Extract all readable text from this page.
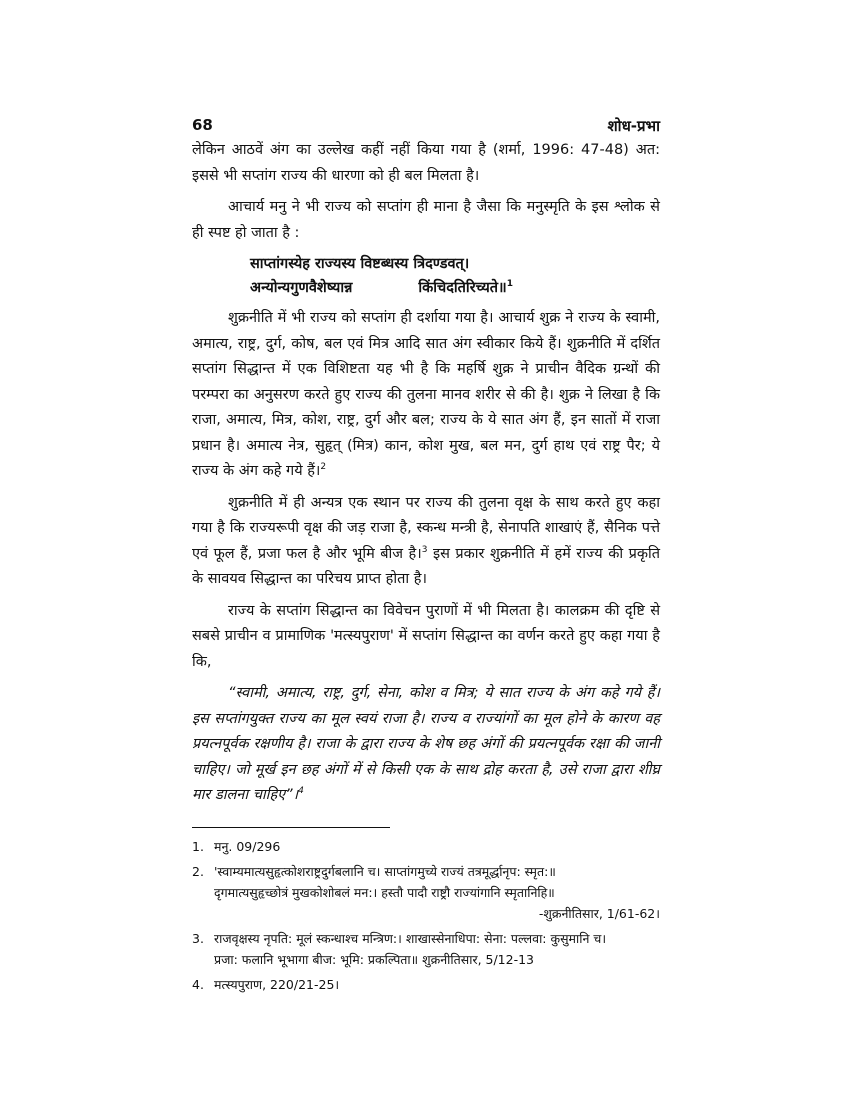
68	शोध-प्रभा

लेकिन आठवें अंग का उल्लेख कहीं नहीं किया गया है (शर्मा, 1996: 47-48) अत: इससे भी सप्तांग राज्य की धारणा को ही बल मिलता है।

आचार्य मनु ने भी राज्य को सप्तांग ही माना है जैसा कि मनुस्मृति के इस श्लोक से ही स्पष्ट हो जाता है :

साप्तांगस्येह राज्यस्य विष्टब्धस्य त्रिदण्डवत्।
अन्योन्यगुणवैशेष्यान्न	किंचिदतिरिच्यते॥$^1$

शुक्रनीति में भी राज्य को सप्तांग ही दर्शाया गया है। आचार्य शुक्र ने राज्य के स्वामी, अमात्य, राष्ट्र, दुर्ग, कोष, बल एवं मित्र आदि सात अंग स्वीकार किये हैं। शुक्रनीति में दर्शित सप्तांग सिद्धान्त में एक विशिष्टता यह भी है कि महर्षि शुक्र ने प्राचीन वैदिक ग्रन्थों की परम्परा का अनुसरण करते हुए राज्य की तुलना मानव शरीर से की है। शुक्र ने लिखा है कि राजा, अमात्य, मित्र, कोश, राष्ट्र, दुर्ग और बल; राज्य के ये सात अंग हैं, इन सातों में राजा प्रधान है। अमात्य नेत्र, सुहृत् (मित्र) कान, कोश मुख, बल मन, दुर्ग हाथ एवं राष्ट्र पैर; ये राज्य के अंग कहे गये हैं।$^2$

शुक्रनीति में ही अन्यत्र एक स्थान पर राज्य की तुलना वृक्ष के साथ करते हुए कहा गया है कि राज्यरूपी वृक्ष की जड़ राजा है, स्कन्ध मन्त्री है, सेनापति शाखाएं हैं, सैनिक पत्ते एवं फूल हैं, प्रजा फल है और भूमि बीज है।$^3$ इस प्रकार शुक्रनीति में हमें राज्य की प्रकृति के सावयव सिद्धान्त का परिचय प्राप्त होता है।

राज्य के सप्तांग सिद्धान्त का विवेचन पुराणों में भी मिलता है। कालक्रम की दृष्टि से सबसे प्राचीन व प्रामाणिक 'मत्स्यपुराण' में सप्तांग सिद्धान्त का वर्णन करते हुए कहा गया है कि,

“स्वामी, अमात्य, राष्ट्र, दुर्ग, सेना, कोश व मित्र; ये सात राज्य के अंग कहे गये हैं। इस सप्तांगयुक्त राज्य का मूल स्वयं राजा है। राज्य व राज्यांगों का मूल होने के कारण वह प्रयत्नपूर्वक रक्षणीय है। राजा के द्वारा राज्य के शेष छह अंगों की प्रयत्नपूर्वक रक्षा की जानी चाहिए। जो मूर्ख इन छह अंगों में से किसी एक के साथ द्रोह करता है, उसे राजा द्वारा शीघ्र मार डालना चाहिए”।$^4$

1. मनु. 09/296
2. 'स्वाम्यमात्यसुहृत्कोशराष्ट्रदुर्गबलानि च। साप्तांगमुच्ये राज्यं तत्रमूर्द्धानृप: स्मृत:॥
दृगमात्यसुहृच्छोत्रं मुखकोशोबलं मन:। हस्तौ पादौ राष्ट्रौ राज्यांगानि स्मृतानिहि॥
-शुक्रनीतिसार, 1/61-62।
3. राजवृक्षस्य नृपति: मूलं स्कन्धाश्च मन्त्रिण:। शाखास्सेनाधिपा: सेना: पल्लवा: कुसुमानि च।
प्रजा: फलानि भूभागा बीज: भूमि: प्रकल्पिता॥ शुक्रनीतिसार, 5/12-13
4. मत्स्यपुराण, 220/21-25।
